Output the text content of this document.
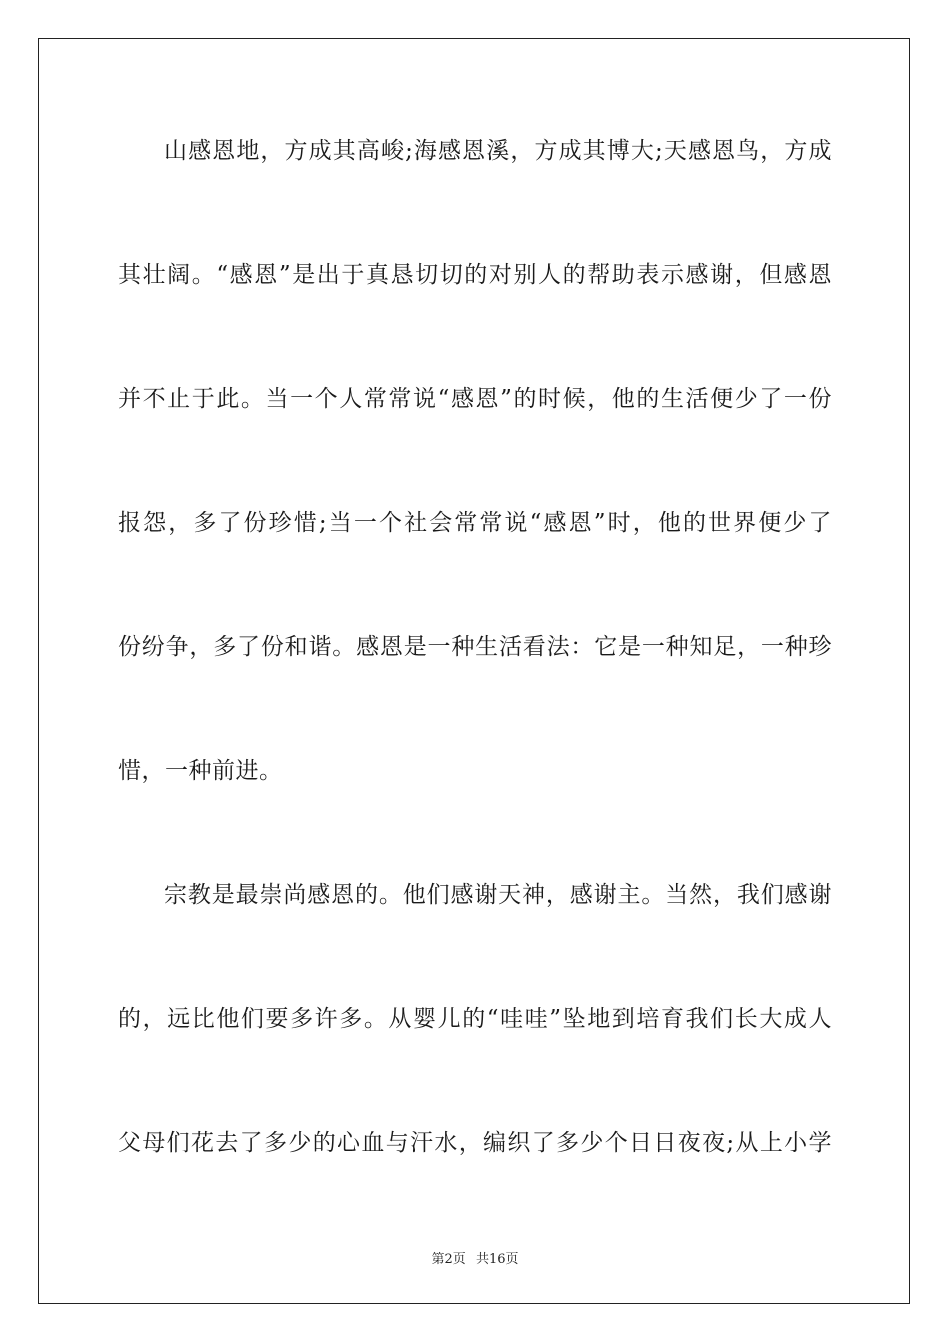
山感恩地，方成其高峻;海感恩溪，方成其博大;天感恩鸟，方成
其壮阔。“感恩”是出于真恳切切的对别人的帮助表示感谢，但感恩
并不止于此。当一个人常常说“感恩”的时候，他的生活便少了一份
报怨，多了份珍惜;当一个社会常常说“感恩”时，他的世界便少了
份纷争，多了份和谐。感恩是一种生活看法：它是一种知足，一种珍
惜，一种前进。
宗教是最崇尚感恩的。他们感谢天神，感谢主。当然，我们感谢
的，远比他们要多许多。从婴儿的“哇哇”坠地到培育我们长大成人
父母们花去了多少的心血与汗水，编织了多少个日日夜夜;从上小学
第2页 共16页
